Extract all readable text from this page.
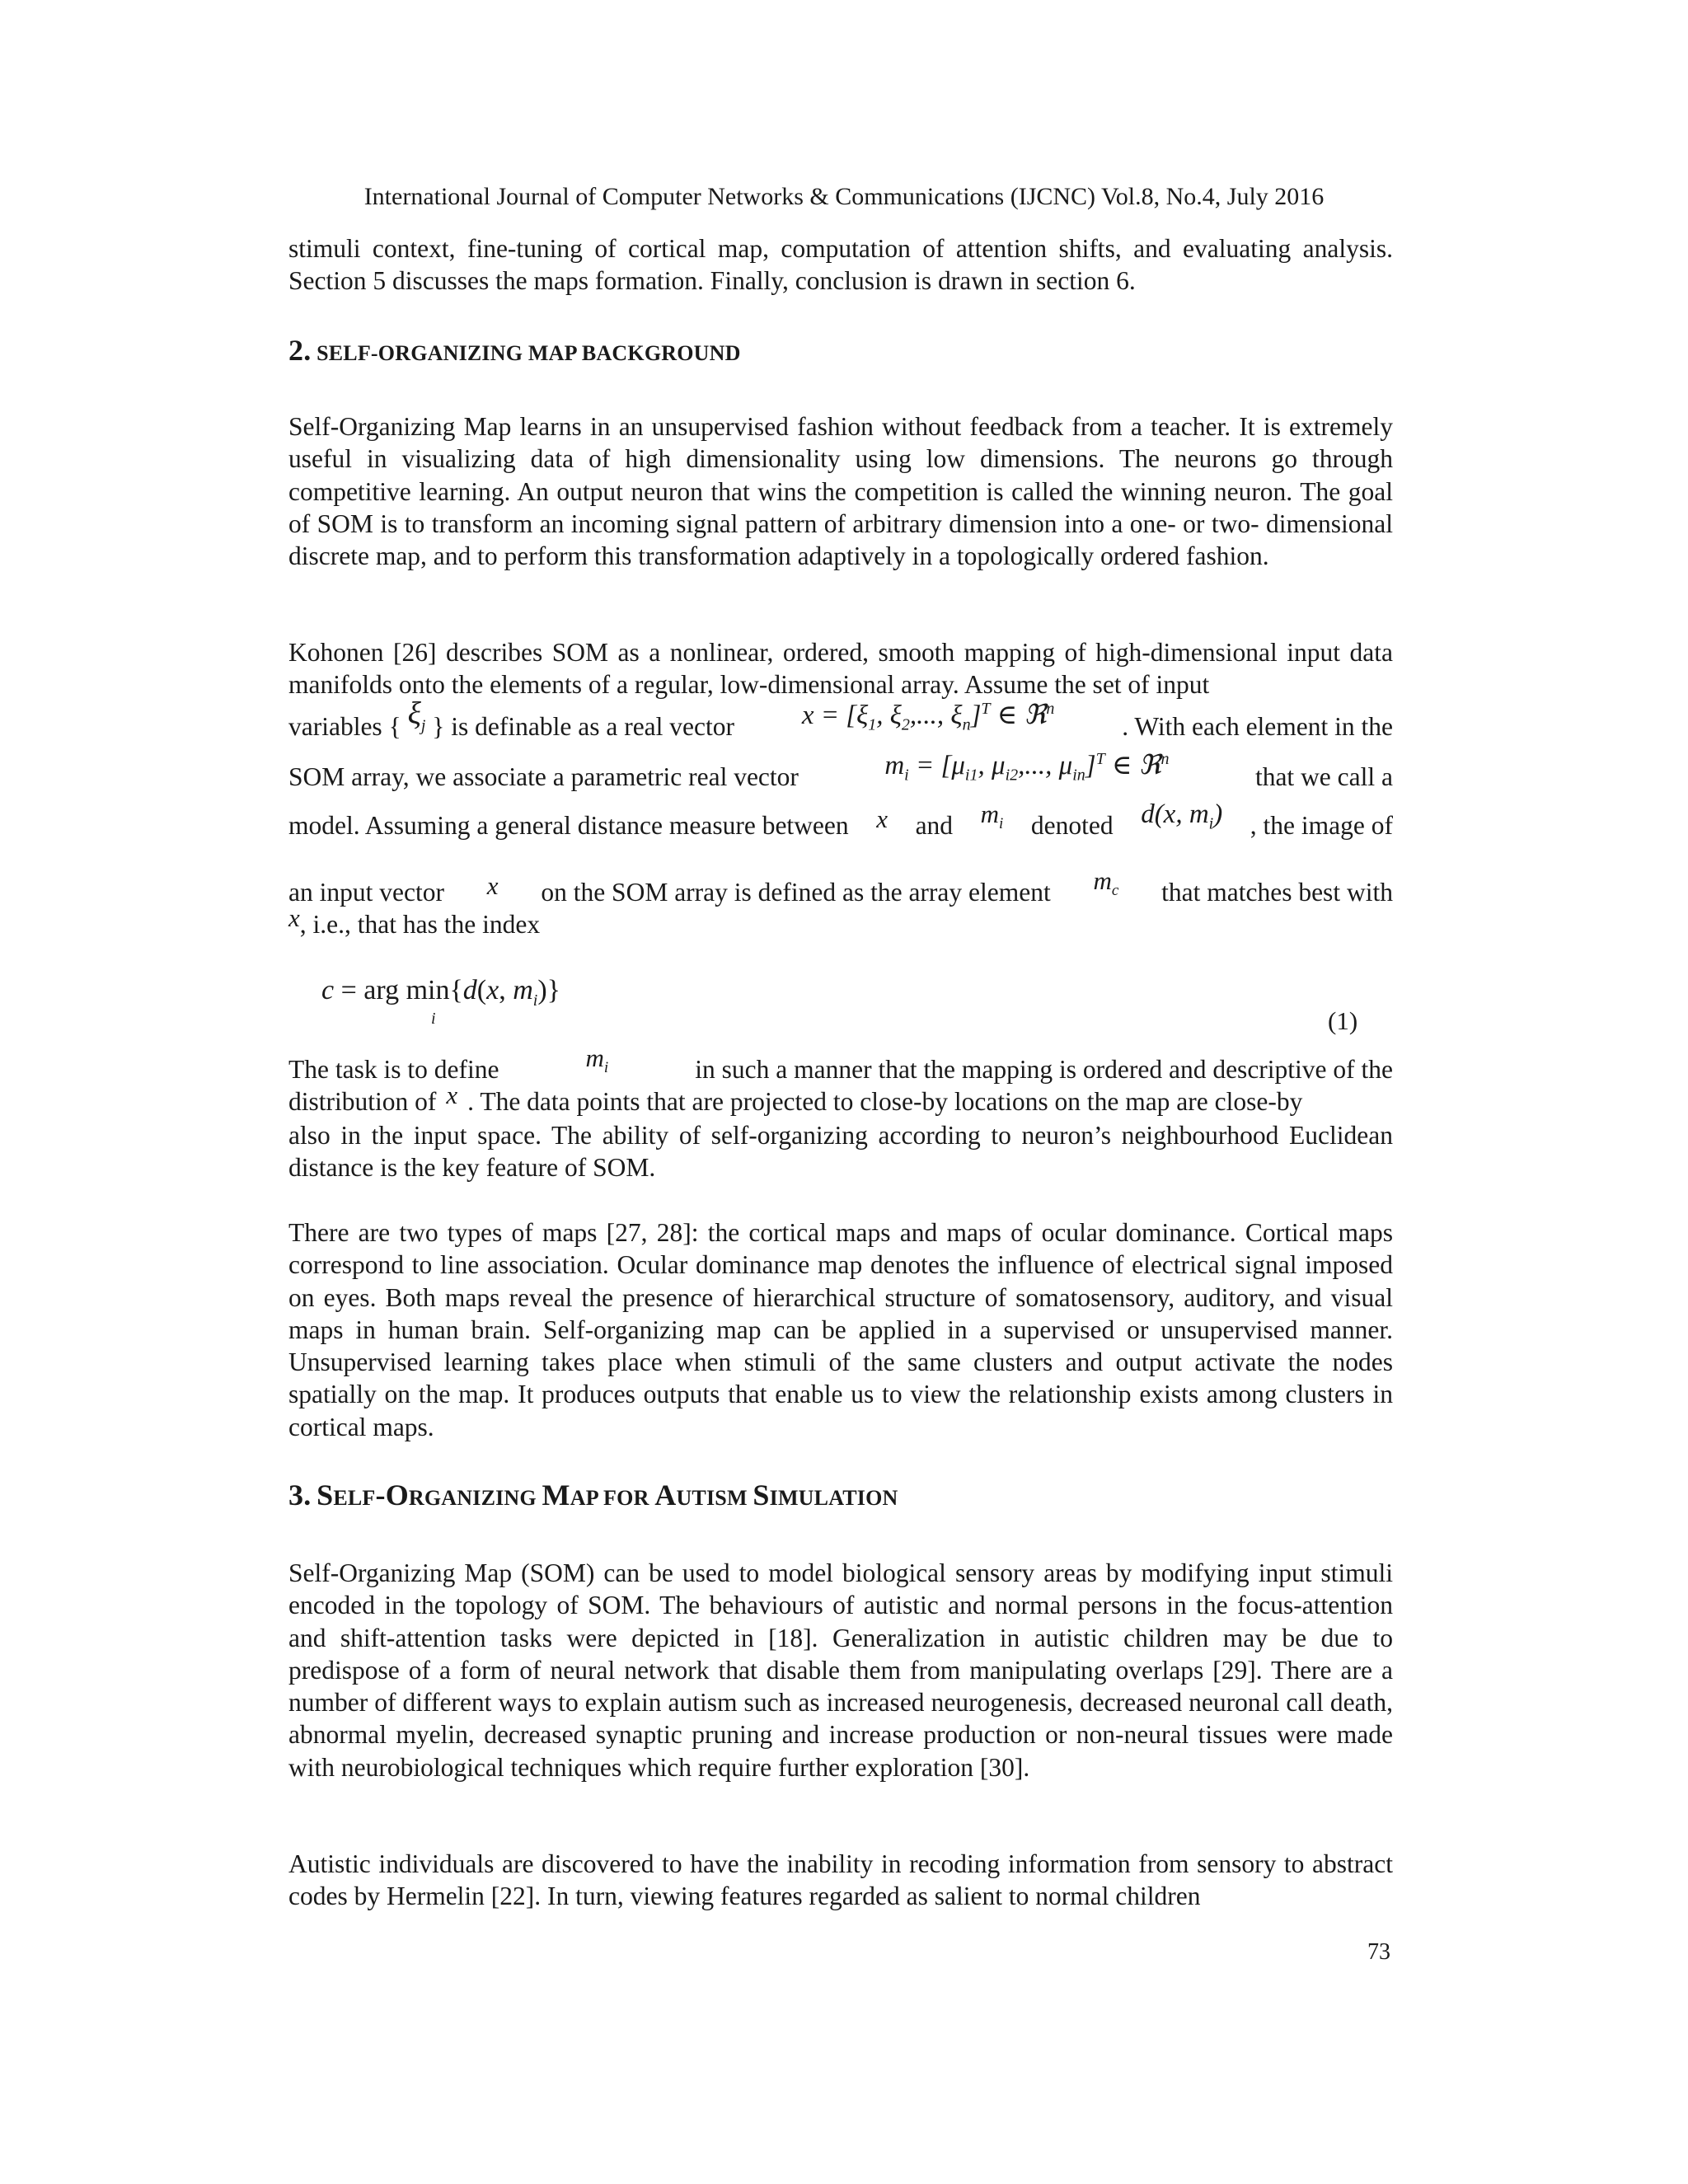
International Journal of Computer Networks & Communications (IJCNC) Vol.8, No.4, July 2016

stimuli context, fine-tuning of cortical map, computation of attention shifts, and evaluating analysis. Section 5 discusses the maps formation. Finally, conclusion is drawn in section 6.

2. SELF-ORGANIZING MAP BACKGROUND

Self-Organizing Map learns in an unsupervised fashion without feedback from a teacher. It is extremely useful in visualizing data of high dimensionality using low dimensions. The neurons go through competitive learning. An output neuron that wins the competition is called the winning neuron. The goal of SOM is to transform an incoming signal pattern of arbitrary dimension into a one- or two- dimensional discrete map, and to perform this transformation adaptively in a topologically ordered fashion.

Kohonen [26] describes SOM as a nonlinear, ordered, smooth mapping of high-dimensional input data manifolds onto the elements of a regular, low-dimensional array. Assume the set of input

variables { $\xi_j$ } is definable as a real vector $x = [\xi_1$, $\xi_2$,..., $\xi_n]^T$ ∈ ℜ$^n$
. With each element in the
SOM array, we associate a parametric real vector	$m_i = [\mu_{i1}$, $\mu_{i2}$,..., $\mu_{in}]^T$ ∈ ℜ$^n$
that we call a
model. Assuming a general distance measure between x and $m_i$ denoted d(x, $m_i$) , the image of
an input vector x on the SOM array is defined as the array element $m_c$ that matches best with
x , i.e., that has the index
c = arg min{d(x, $m_i$)}
i	(1)
The task is to define	$m_i$	in such a manner that the mapping is ordered and descriptive of the
distribution of x . The data points that are projected to close-by locations on the map are close-by

also in the input space. The ability of self-organizing according to neuron’s neighbourhood Euclidean distance is the key feature of SOM.

There are two types of maps [27, 28]: the cortical maps and maps of ocular dominance. Cortical maps correspond to line association. Ocular dominance map denotes the influence of electrical signal imposed on eyes. Both maps reveal the presence of hierarchical structure of somatosensory, auditory, and visual maps in human brain. Self-organizing map can be applied in a supervised or unsupervised manner. Unsupervised learning takes place when stimuli of the same clusters and output activate the nodes spatially on the map. It produces outputs that enable us to view the relationship exists among clusters in cortical maps.

3. SELF-ORGANIZING MAP FOR AUTISM SIMULATION

Self-Organizing Map (SOM) can be used to model biological sensory areas by modifying input stimuli encoded in the topology of SOM. The behaviours of autistic and normal persons in the focus-attention and shift-attention tasks were depicted in [18]. Generalization in autistic children may be due to predispose of a form of neural network that disable them from manipulating overlaps [29]. There are a number of different ways to explain autism such as increased neurogenesis, decreased neuronal call death, abnormal myelin, decreased synaptic pruning and increase production or non-neural tissues were made with neurobiological techniques which require further exploration [30].

Autistic individuals are discovered to have the inability in recoding information from sensory to abstract codes by Hermelin [22]. In turn, viewing features regarded as salient to normal children

73
